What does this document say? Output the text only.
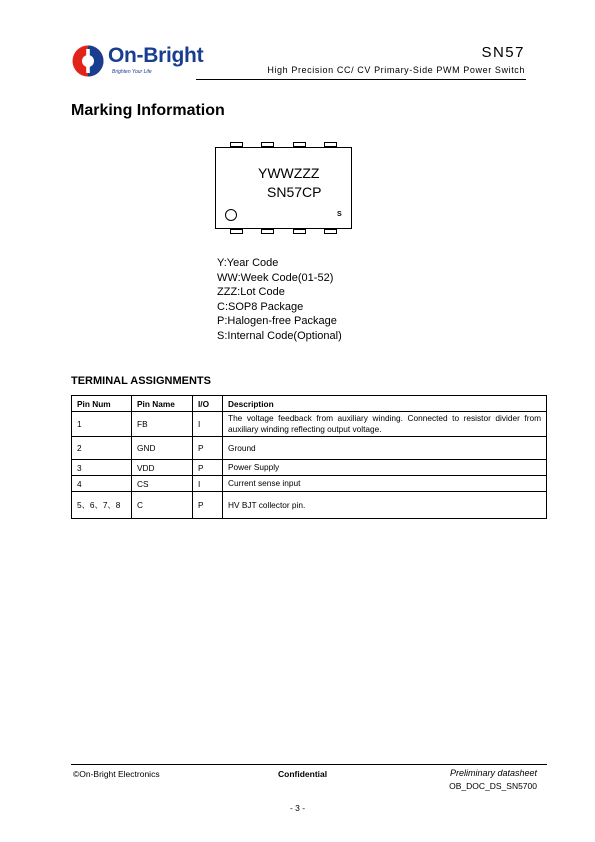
On-Bright
Brighten Your Life
SN57
High Precision CC/ CV Primary-Side PWM Power Switch
Marking Information
YWWZZZ
SN57CP
S
Y:Year Code
WW:Week Code(01-52)
ZZZ:Lot Code
C:SOP8 Package
P:Halogen-free Package
S:Internal Code(Optional)
TERMINAL ASSIGNMENTS
Pin Num	Pin Name	I/O	Description
1	FB	I	The voltage feedback from auxiliary winding. Connected to resistor divider from auxiliary winding reflecting output voltage.
2	GND	P	Ground
3	VDD	P	Power Supply
4	CS	I	Current sense input
5、6、7、8	C	P	HV BJT collector pin.
©On-Bright Electronics	Confidential	Preliminary datasheet
OB_DOC_DS_SN5700
- 3 -
